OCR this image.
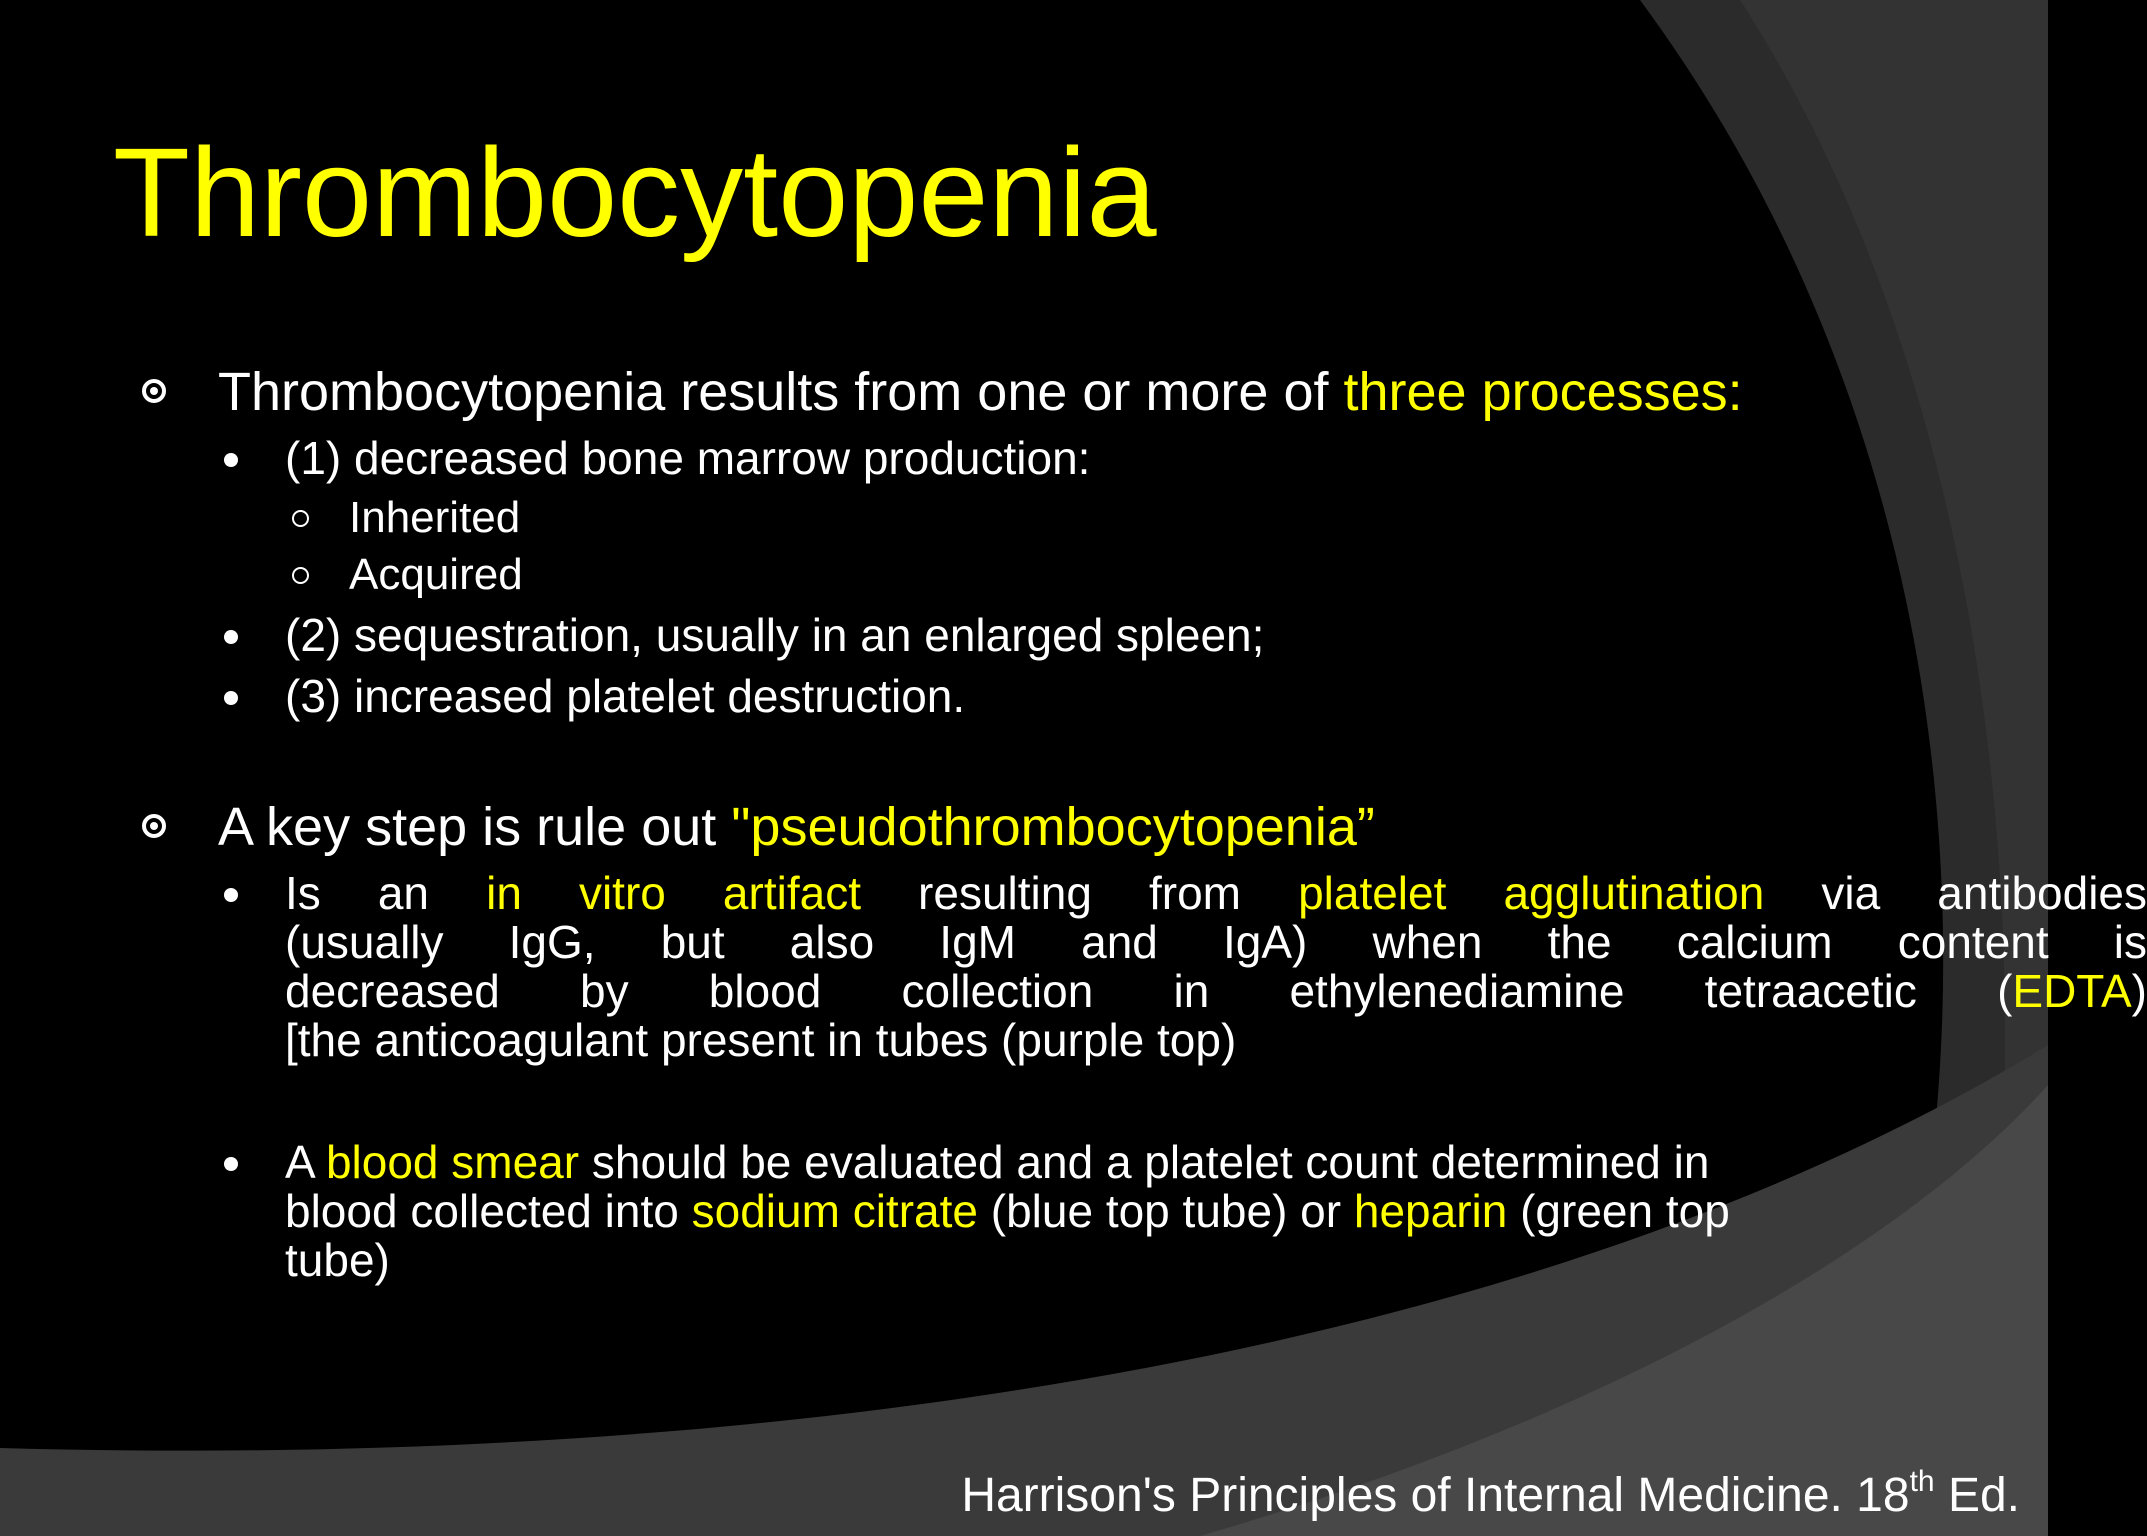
Thrombocytopenia
Thrombocytopenia results from one or more of three processes:
(1) decreased bone marrow production:
Inherited
Acquired
(2) sequestration, usually in an enlarged spleen;
(3) increased platelet destruction.
A key step is rule out "pseudothrombocytopenia”
Is an in vitro artifact resulting from platelet agglutination via antibodies
(usually IgG, but also IgM and IgA) when the calcium content is
decreased by blood collection in ethylenediamine tetraacetic (EDTA)
[the anticoagulant present in tubes (purple top)
A blood smear should be evaluated and a platelet count determined in
blood collected into sodium citrate (blue top tube) or heparin (green top
tube)
Harrison's Principles of Internal Medicine. 18th Ed.
